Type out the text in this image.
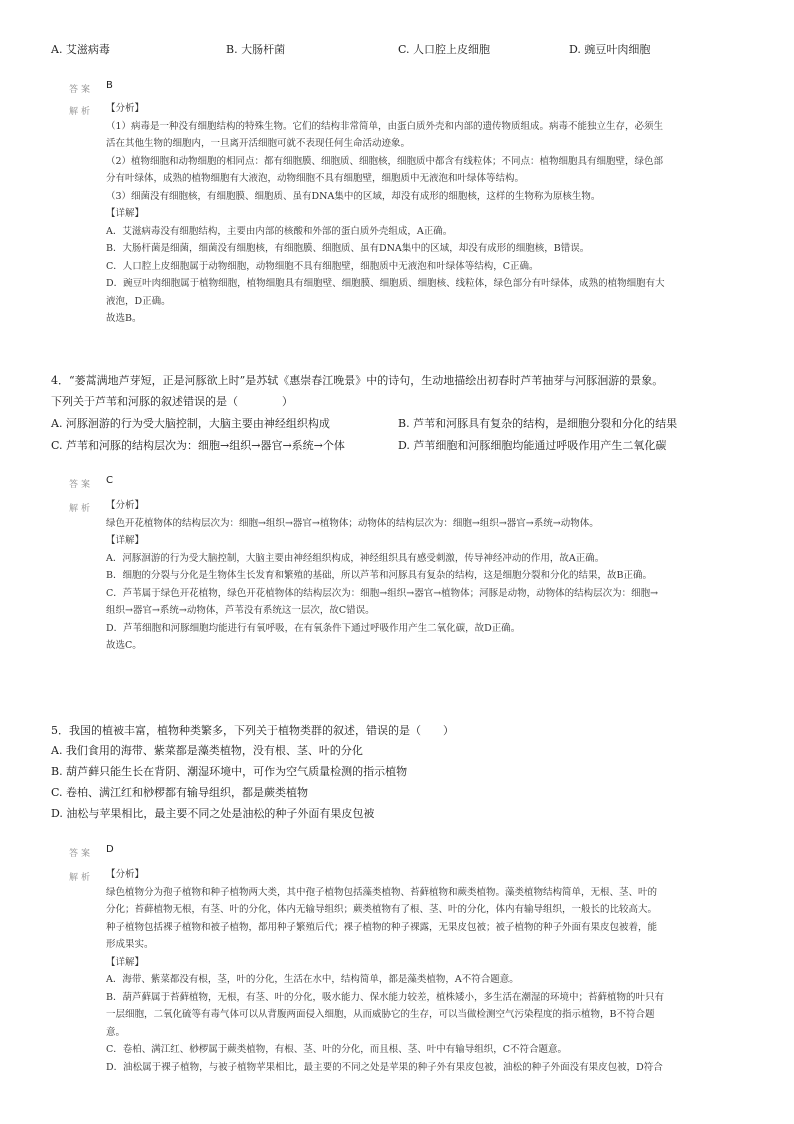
A. 艾滋病毒	B. 大肠杆菌	C. 人口腔上皮细胞	D. 豌豆叶肉细胞
答案 B
解析 【分析】
（1）病毒是一种没有细胞结构的特殊生物。它们的结构非常简单，由蛋白质外壳和内部的遗传物质组成。病毒不能独立生存，必须生
活在其他生物的细胞内，一旦离开活细胞可就不表现任何生命活动迹象。
（2）植物细胞和动物细胞的相同点：都有细胞膜、细胞质、细胞核，细胞质中都含有线粒体；不同点：植物细胞具有细胞壁，绿色部
分有叶绿体，成熟的植物细胞有大液泡，动物细胞不具有细胞壁，细胞质中无液泡和叶绿体等结构。
（3）细菌没有细胞核，有细胞膜、细胞质、虽有DNA集中的区域，却没有成形的细胞核，这样的生物称为原核生物。
【详解】
A．艾滋病毒没有细胞结构，主要由内部的核酸和外部的蛋白质外壳组成，A正确。
B．大肠杆菌是细菌，细菌没有细胞核，有细胞膜、细胞质、虽有DNA集中的区域，却没有成形的细胞核，B错误。
C．人口腔上皮细胞属于动物细胞，动物细胞不具有细胞壁，细胞质中无液泡和叶绿体等结构，C正确。
D．豌豆叶肉细胞属于植物细胞，植物细胞具有细胞壁、细胞膜、细胞质、细胞核、线粒体，绿色部分有叶绿体，成熟的植物细胞有大
液泡，D正确。
故选B。
4．“蒌蒿满地芦芽短，正是河豚欲上时”是苏轼《惠崇春江晚景》中的诗句，生动地描绘出初春时芦苇抽芽与河豚洄游的景象。
下列关于芦苇和河豚的叙述错误的是（　　　　）
A. 河豚洄游的行为受大脑控制，大脑主要由神经组织构成	B. 芦苇和河豚具有复杂的结构，是细胞分裂和分化的结果
C. 芦苇和河豚的结构层次为：细胞→组织→器官→系统→个体	D. 芦苇细胞和河豚细胞均能通过呼吸作用产生二氧化碳
答案 C
解析 【分析】
绿色开花植物体的结构层次为：细胞→组织→器官→植物体；动物体的结构层次为：细胞→组织→器官→系统→动物体。
【详解】
A．河豚洄游的行为受大脑控制，大脑主要由神经组织构成，神经组织具有感受刺激，传导神经冲动的作用，故A正确。
B．细胞的分裂与分化是生物体生长发育和繁殖的基础，所以芦苇和河豚具有复杂的结构，这是细胞分裂和分化的结果，故B正确。
C．芦苇属于绿色开花植物，绿色开花植物体的结构层次为：细胞→组织→器官→植物体；河豚是动物，动物体的结构层次为：细胞→
组织→器官→系统→动物体，芦苇没有系统这一层次，故C错误。
D．芦苇细胞和河豚细胞均能进行有氧呼吸，在有氧条件下通过呼吸作用产生二氧化碳，故D正确。
故选C。
5．我国的植被丰富，植物种类繁多，下列关于植物类群的叙述，错误的是（　　）
A. 我们食用的海带、紫菜都是藻类植物，没有根、茎、叶的分化
B. 葫芦藓只能生长在背阴、潮湿环境中，可作为空气质量检测的指示植物
C. 卷柏、满江红和桫椤都有输导组织，都是蕨类植物
D. 油松与苹果相比，最主要不同之处是油松的种子外面有果皮包被
答案 D
解析 【分析】
绿色植物分为孢子植物和种子植物两大类，其中孢子植物包括藻类植物、苔藓植物和蕨类植物。藻类植物结构简单，无根、茎、叶的
分化；苔藓植物无根，有茎、叶的分化，体内无输导组织；蕨类植物有了根、茎、叶的分化，体内有输导组织，一般长的比较高大。
种子植物包括裸子植物和被子植物，都用种子繁殖后代；裸子植物的种子裸露，无果皮包被；被子植物的种子外面有果皮包被着，能
形成果实。
【详解】
A．海带、紫菜都没有根，茎，叶的分化，生活在水中，结构简单，都是藻类植物，A不符合题意。
B．葫芦藓属于苔藓植物，无根，有茎、叶的分化，吸水能力、保水能力较差，植株矮小，多生活在潮湿的环境中；苔藓植物的叶只有
一层细胞，二氧化硫等有毒气体可以从背腹两面侵入细胞，从而威胁它的生存，可以当做检测空气污染程度的指示植物，B不符合题
意。
C．卷柏、满江红、桫椤属于蕨类植物，有根、茎、叶的分化，而且根、茎、叶中有输导组织，C不符合题意。
D．油松属于裸子植物，与被子植物苹果相比，最主要的不同之处是苹果的种子外有果皮包被，油松的种子外面没有果皮包被，D符合
